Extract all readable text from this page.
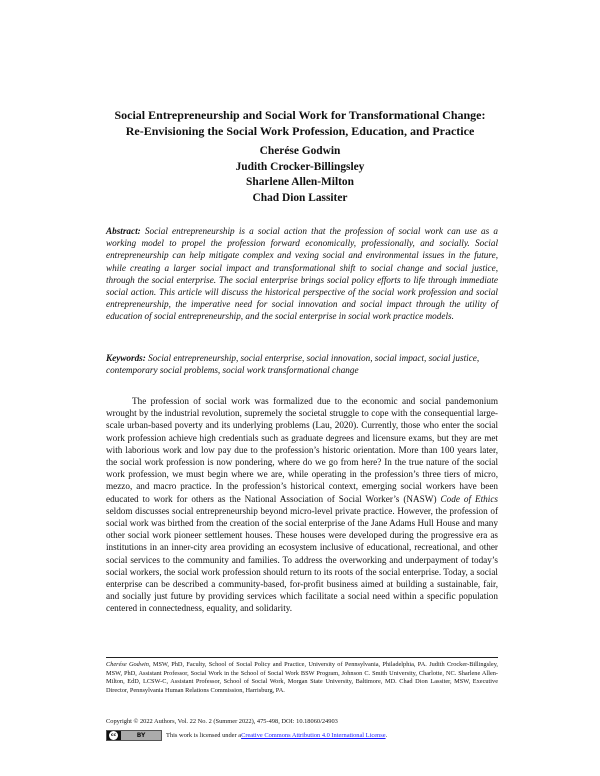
Social Entrepreneurship and Social Work for Transformational Change:
Re-Envisioning the Social Work Profession, Education, and Practice
Cherése Godwin
Judith Crocker-Billingsley
Sharlene Allen-Milton
Chad Dion Lassiter
Abstract: Social entrepreneurship is a social action that the profession of social work can use as a working model to propel the profession forward economically, professionally, and socially. Social entrepreneurship can help mitigate complex and vexing social and environmental issues in the future, while creating a larger social impact and transformational shift to social change and social justice, through the social enterprise. The social enterprise brings social policy efforts to life through immediate social action. This article will discuss the historical perspective of the social work profession and social entrepreneurship, the imperative need for social innovation and social impact through the utility of education of social entrepreneurship, and the social enterprise in social work practice models.
Keywords: Social entrepreneurship, social enterprise, social innovation, social impact, social justice, contemporary social problems, social work transformational change

The profession of social work was formalized due to the economic and social pandemonium wrought by the industrial revolution, supremely the societal struggle to cope with the consequential large-scale urban-based poverty and its underlying problems (Lau, 2020). Currently, those who enter the social work profession achieve high credentials such as graduate degrees and licensure exams, but they are met with laborious work and low pay due to the profession’s historic orientation. More than 100 years later, the social work profession is now pondering, where do we go from here? In the true nature of the social work profession, we must begin where we are, while operating in the profession’s three tiers of micro, mezzo, and macro practice. In the profession’s historical context, emerging social workers have been educated to work for others as the National Association of Social Worker’s (NASW) Code of Ethics seldom discusses social entrepreneurship beyond micro-level private practice. However, the profession of social work was birthed from the creation of the social enterprise of the Jane Adams Hull House and many other social work pioneer settlement houses. These houses were developed during the progressive era as institutions in an inner-city area providing an ecosystem inclusive of educational, recreational, and other social services to the community and families. To address the overworking and underpayment of today’s social workers, the social work profession should return to its roots of the social enterprise. Today, a social enterprise can be described a community-based, for-profit business aimed at building a sustainable, fair, and socially just future by providing services which facilitate a social need within a specific population centered in connectedness, equality, and solidarity.

Cherése Godwin, MSW, PhD, Faculty, School of Social Policy and Practice, University of Pennsylvania, Philadelphia, PA. Judith Crocker-Billingsley, MSW, PhD, Assistant Professor, Social Work in the School of Social Work BSW Program, Johnson C. Smith University, Charlotte, NC. Sharlene Allen-Milton, EdD, LCSW-C, Assistant Professor, School of Social Work, Morgan State University, Baltimore, MD. Chad Dion Lassiter, MSW, Executive Director, Pennsylvania Human Relations Commission, Harrisburg, PA.
Copyright © 2022 Authors, Vol. 22 No. 2 (Summer 2022), 475-498, DOI: 10.18060/24903
cc	BY	This work is licensed under a Creative Commons Attribution 4.0 International License .
